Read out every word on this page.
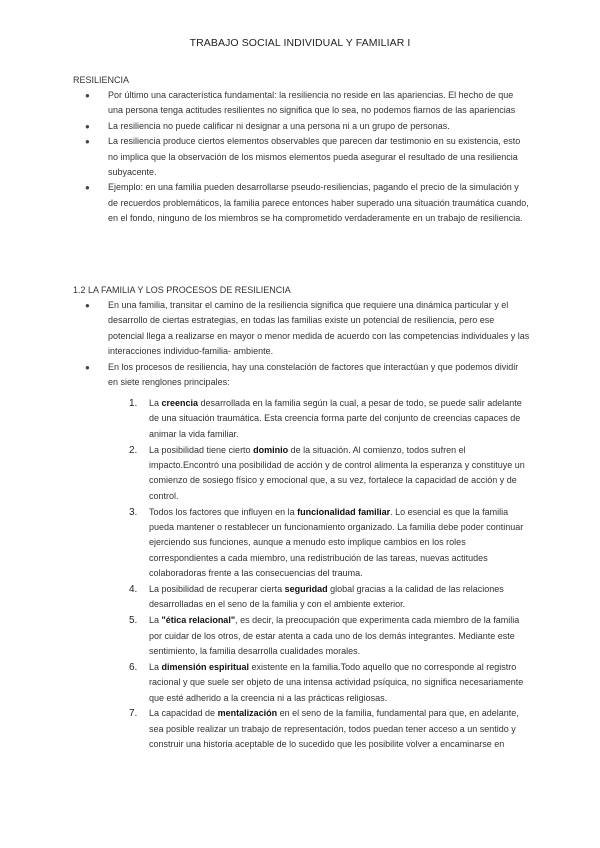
TRABAJO SOCIAL INDIVIDUAL Y FAMILIAR I
RESILIENCIA
● Por último una característica fundamental: la resiliencia no reside en las apariencias. El hecho de que una persona tenga actitudes resilientes no significa que lo sea, no podemos fiarnos de las apariencias
● La resiliencia no puede calificar ni designar a una persona ni a un grupo de personas.
● La resiliencia produce ciertos elementos observables que parecen dar testimonio en su existencia, esto no implica que la observación de los mismos elementos pueda asegurar el resultado de una resiliencia subyacente.
● Ejemplo: en una familia pueden desarrollarse pseudo-resiliencias, pagando el precio de la simulación y de recuerdos problemáticos, la familia parece entonces haber superado una situación traumática cuando, en el fondo, ninguno de los miembros se ha comprometido verdaderamente en un trabajo de resiliencia.
1.2 LA FAMILIA Y LOS PROCESOS DE RESILIENCIA
● En una familia, transitar el camino de la resiliencia significa que requiere una dinámica particular y el desarrollo de ciertas estrategias, en todas las familias existe un potencial de resiliencia, pero ese potencial llega a realizarse en mayor o menor medida de acuerdo con las competencias individuales y las interacciones individuo-familia- ambiente.
● En los procesos de resiliencia, hay una constelación de factores que interactúan y que podemos dividir en siete renglones principales:
1. La creencia desarrollada en la familia según la cual, a pesar de todo, se puede salir adelante de una situación traumática. Esta creencia forma parte del conjunto de creencias capaces de animar la vida familiar.
2. La posibilidad tiene cierto dominio de la situación. Al comienzo, todos sufren el impacto.Encontró una posibilidad de acción y de control alimenta la esperanza y constituye un comienzo de sosiego físico y emocional que, a su vez, fortalece la capacidad de acción y de control.
3. Todos los factores que influyen en la funcionalidad familiar. Lo esencial es que la familia pueda mantener o restablecer un funcionamiento organizado. La familia debe poder continuar ejerciendo sus funciones, aunque a menudo esto implique cambios en los roles correspondientes a cada miembro, una redistribución de las tareas, nuevas actitudes colaboradoras frente a las consecuencias del trauma.
4. La posibilidad de recuperar cierta seguridad global gracias a la calidad de las relaciones desarrolladas en el seno de la familia y con el ambiente exterior.
5. La "ética relacional", es decir, la preocupación que experimenta cada miembro de la familia por cuidar de los otros, de estar atenta a cada uno de los demás integrantes. Mediante este sentimiento, la familia desarrolla cualidades morales.
6. La dimensión espiritual existente en la familia.Todo aquello que no corresponde al registro racional y que suele ser objeto de una intensa actividad psíquica, no significa necesariamente que esté adherido a la creencia ni a las prácticas religiosas.
7. La capacidad de mentalización en el seno de la familia, fundamental para que, en adelante, sea posible realizar un trabajo de representación, todos puedan tener acceso a un sentido y construir una historia aceptable de lo sucedido que les posibilite volver a encaminarse en
